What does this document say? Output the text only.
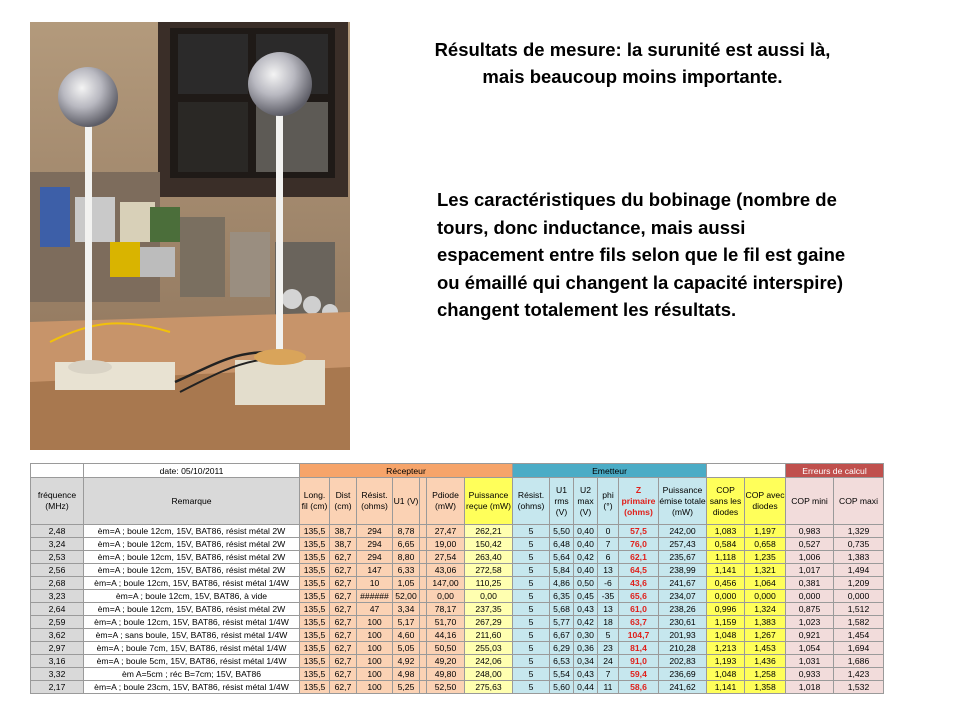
Résultats de mesure: la surunité est aussi là, mais beaucoup moins importante.
Les caractéristiques du bobinage (nombre de tours, donc inductance, mais aussi espacement entre fils selon que le fil est gaine ou émaillé qui changent la capacité interspire) changent totalement les résultats.
	date: 05/10/2011	Récepteur							Emetteur								Erreurs de calcul	
fréquence (MHz)	Remarque	Long. fil (cm)	Dist (cm)	Résist. (ohms)	U1 (V)		Pdiode (mW)	Puissance reçue (mW)	Résist. (ohms)	U1 rms (V)	U2 max (V)	phi (°)	Z primaire (ohms)	Puissance émise totale (mW)	COP sans les diodes	COP avec diodes	COP mini	COP maxi
2,48	èm=A ; boule 12cm, 15V, BAT86, résist métal 2W	135,5	38,7	294	8,78		27,47	262,21	5	5,50	0,40	0	57,5	242,00	1,083	1,197	0,983	1,329
3,24	èm=A ; boule 12cm, 15V, BAT86, résist métal 2W	135,5	38,7	294	6,65		19,00	150,42	5	6,48	0,40	7	76,0	257,43	0,584	0,658	0,527	0,735
2,53	èm=A ; boule 12cm, 15V, BAT86, résist métal 2W	135,5	62,7	294	8,80		27,54	263,40	5	5,64	0,42	6	62,1	235,67	1,118	1,235	1,006	1,383
2,56	èm=A ; boule 12cm, 15V, BAT86, résist métal 2W	135,5	62,7	147	6,33		43,06	272,58	5	5,84	0,40	13	64,5	238,99	1,141	1,321	1,017	1,494
2,68	èm=A ; boule 12cm, 15V, BAT86, résist métal 1/4W	135,5	62,7	10	1,05		147,00	110,25	5	4,86	0,50	-6	43,6	241,67	0,456	1,064	0,381	1,209
3,23	èm=A ; boule 12cm, 15V, BAT86, à vide	135,5	62,7	######	52,00		0,00	0,00	5	6,35	0,45	-35	65,6	234,07	0,000	0,000	0,000	0,000
2,64	èm=A ; boule 12cm, 15V, BAT86, résist métal 2W	135,5	62,7	47	3,34		78,17	237,35	5	5,68	0,43	13	61,0	238,26	0,996	1,324	0,875	1,512
2,59	èm=A ; boule 12cm, 15V, BAT86, résist métal 1/4W	135,5	62,7	100	5,17		51,70	267,29	5	5,77	0,42	18	63,7	230,61	1,159	1,383	1,023	1,582
3,62	èm=A ; sans boule, 15V, BAT86, résist métal 1/4W	135,5	62,7	100	4,60		44,16	211,60	5	6,67	0,30	5	104,7	201,93	1,048	1,267	0,921	1,454
2,97	èm=A ; boule 7cm, 15V, BAT86, résist métal 1/4W	135,5	62,7	100	5,05		50,50	255,03	5	6,29	0,36	23	81,4	210,28	1,213	1,453	1,054	1,694
3,16	èm=A ; boule 5cm, 15V, BAT86, résist métal 1/4W	135,5	62,7	100	4,92		49,20	242,06	5	6,53	0,34	24	91,0	202,83	1,193	1,436	1,031	1,686
3,32	èm A=5cm ; réc B=7cm; 15V, BAT86	135,5	62,7	100	4,98		49,80	248,00	5	5,54	0,43	7	59,4	236,69	1,048	1,258	0,933	1,423
2,17	èm=A ; boule 23cm, 15V, BAT86, résist métal 1/4W	135,5	62,7	100	5,25		52,50	275,63	5	5,60	0,44	11	58,6	241,62	1,141	1,358	1,018	1,532
